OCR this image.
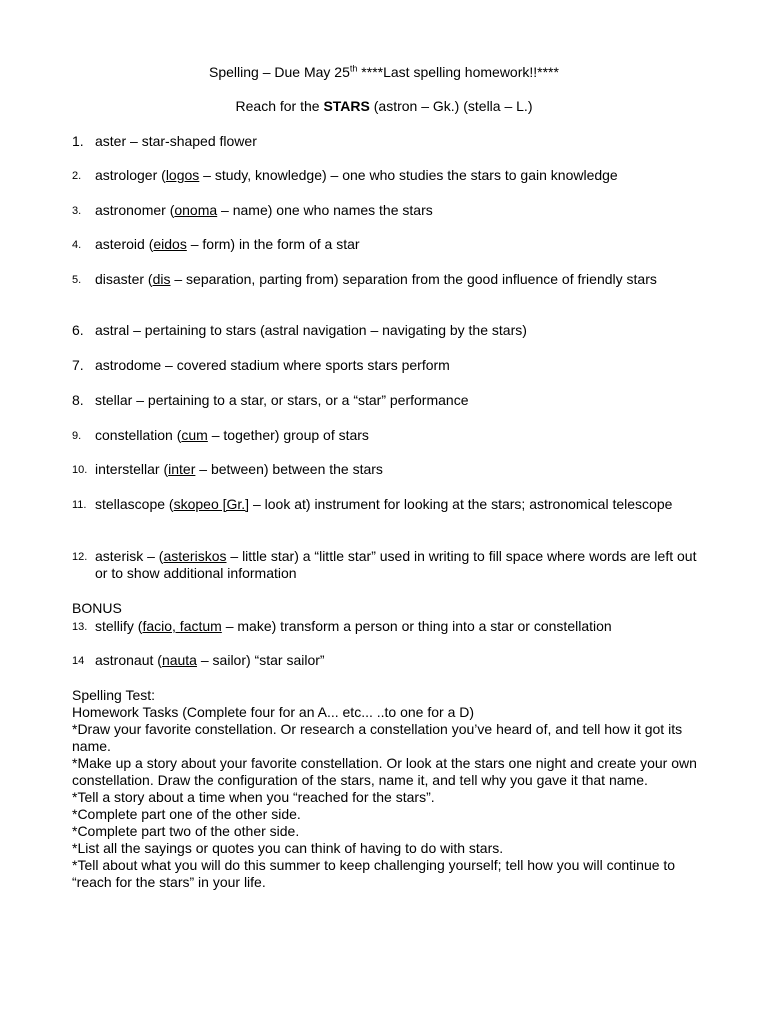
Spelling – Due May 25th ****Last spelling homework!!****
Reach for the STARS (astron – Gk.) (stella – L.)
1. aster – star-shaped flower
2. astrologer (logos – study, knowledge) – one who studies the stars to gain knowledge
3. astronomer (onoma – name) one who names the stars
4. asteroid (eidos – form) in the form of a star
5. disaster (dis – separation, parting from) separation from the good influence of friendly stars
6. astral – pertaining to stars (astral navigation – navigating by the stars)
7. astrodome – covered stadium where sports stars perform
8. stellar – pertaining to a star, or stars, or a “star” performance
9. constellation (cum – together) group of stars
10. interstellar (inter – between) between the stars
11. stellascope (skopeo [Gr.] – look at) instrument for looking at the stars; astronomical telescope
12. asterisk – (asteriskos – little star) a “little star” used in writing to fill space where words are left out or to show additional information
BONUS
13. stellify (facio, factum – make) transform a person or thing into a star or constellation
14 astronaut (nauta – sailor) “star sailor”
Spelling Test:
Homework Tasks (Complete four for an A... etc... ..to one for a D)
*Draw your favorite constellation. Or research a constellation you’ve heard of, and tell how it got its name.
*Make up a story about your favorite constellation. Or look at the stars one night and create your own constellation. Draw the configuration of the stars, name it, and tell why you gave it that name.
*Tell a story about a time when you “reached for the stars”.
*Complete part one of the other side.
*Complete part two of the other side.
*List all the sayings or quotes you can think of having to do with stars.
*Tell about what you will do this summer to keep challenging yourself; tell how you will continue to “reach for the stars” in your life.
